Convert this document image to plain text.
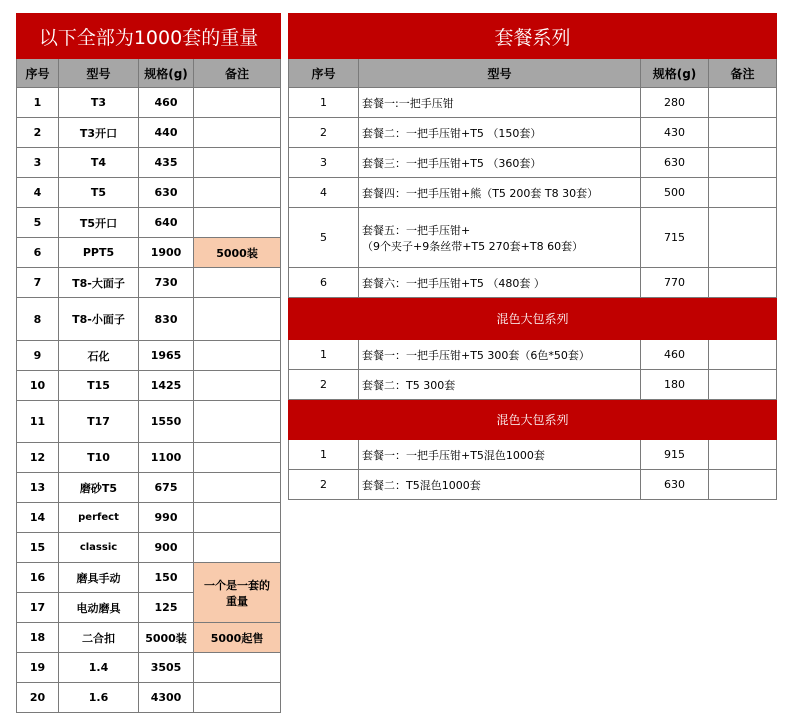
以下全部为1000套的重量			
序号	型号	规格(g)	备注
1	T3	460	
2	T3开口	440	
3	T4	435	
4	T5	630	
5	T5开口	640	
6	PPT5	1900	5000装
7	T8-大面子	730	
8	T8-小面子	830	
9	石化	1965	
10	T15	1425	
11	T17	1550	
12	T10	1100	
13	磨砂T5	675	
14	perfect	990	
15	classic	900	
16	磨具手动	150	一个是一套的重量
17	电动磨具	125	
18	二合扣	5000装	5000起售
19	1.4	3505	
20	1.6	4300	
套餐系列			
序号	型号	规格(g)	备注
1	套餐一:一把手压钳	280	
2	套餐二：一把手压钳+T5 （150套）	430	
3	套餐三：一把手压钳+T5 （360套）	630	
4	套餐四：一把手压钳+熊（T5 200套 T8 30套）	500	
5	套餐五：一把手压钳+
（9个夹子+9条丝带+T5 270套+T8 60套）	715	
6	套餐六：一把手压钳+T5 （480套 ）	770	
混色大包系列			
1	套餐一：一把手压钳+T5 300套（6色*50套）	460	
2	套餐二：T5 300套	180	
混色大包系列			
1	套餐一：一把手压钳+T5混色1000套	915	
2	套餐二：T5混色1000套	630	
